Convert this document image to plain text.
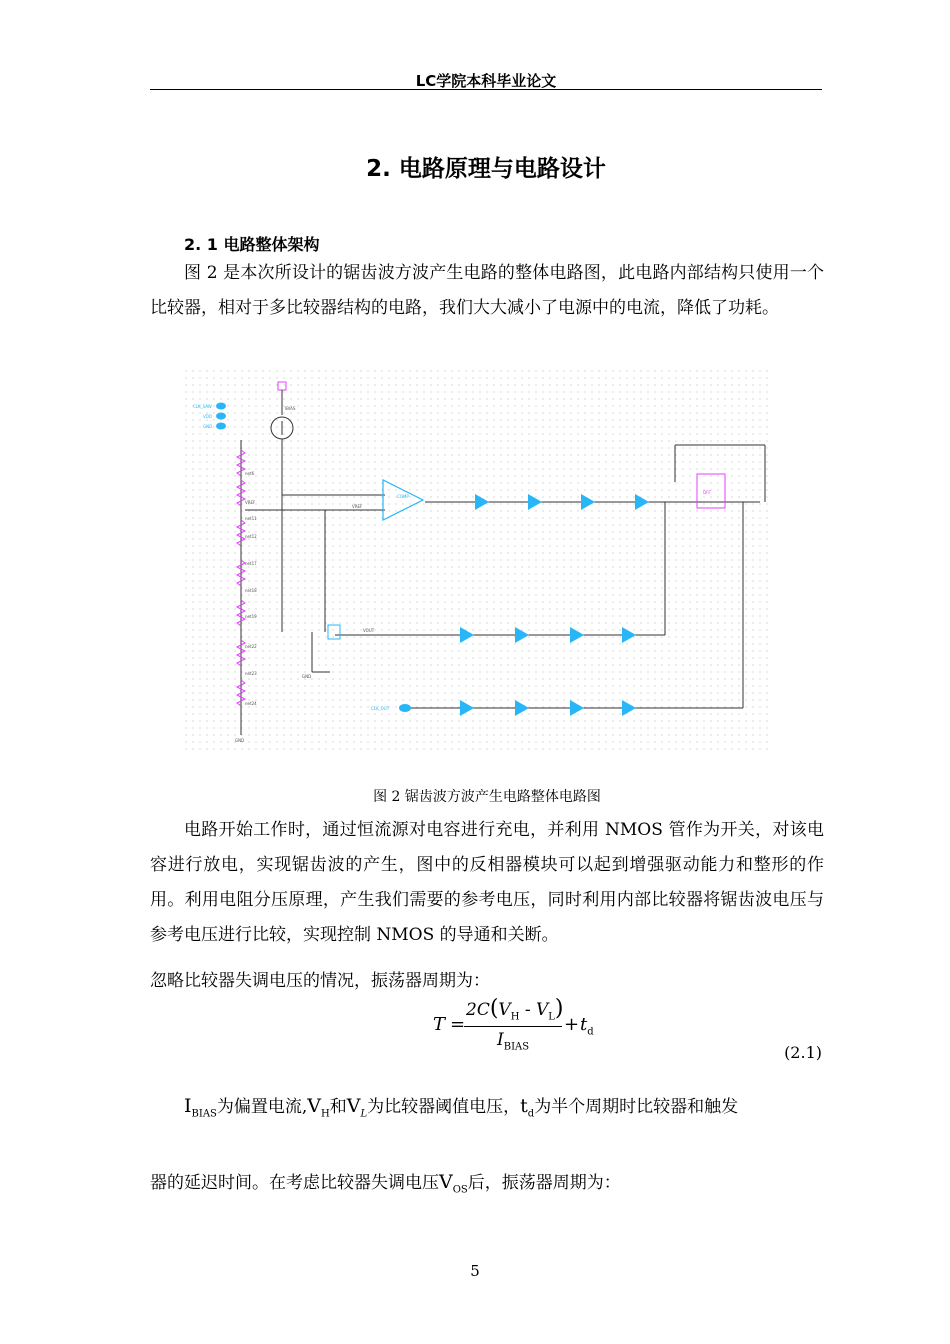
LC学院本科毕业论文
2. 电路原理与电路设计
2. 1 电路整体架构

图 2 是本次所设计的锯齿波方波产生电路的整体电路图，此电路内部结构只使用一个比较器，相对于多比较器结构的电路，我们大大减小了电源中的电流，降低了功耗。

CLK_SAW
VDD
GND
net6
VREF
net11
net12
net17
net18
net19
net22
net23
net24
GND
IBIAS
COMP
VREF
DFF
GND
VOUT
CLK_OUT
图 2 锯齿波方波产生电路整体电路图

电路开始工作时，通过恒流源对电容进行充电，并利用 NMOS 管作为开关，对该电容进行放电，实现锯齿波的产生，图中的反相器模块可以起到增强驱动能力和整形的作用。利用电阻分压原理，产生我们需要的参考电压，同时利用内部比较器将锯齿波电压与参考电压进行比较，实现控制 NMOS 的导通和关断。

忽略比较器失调电压的情况，振荡器周期为：
T =
$2C(V_H - V_L)$
$I_{BIAS}$
+ $t_d$
(2.1)
$I_{BIAS}$为偏置电流$,V_H$和$V_L$为比较器阈值电压，$t_d$为半个周期时比较器和触发
器的延迟时间。在考虑比较器失调电压$V_{OS}$后，振荡器周期为：
5
